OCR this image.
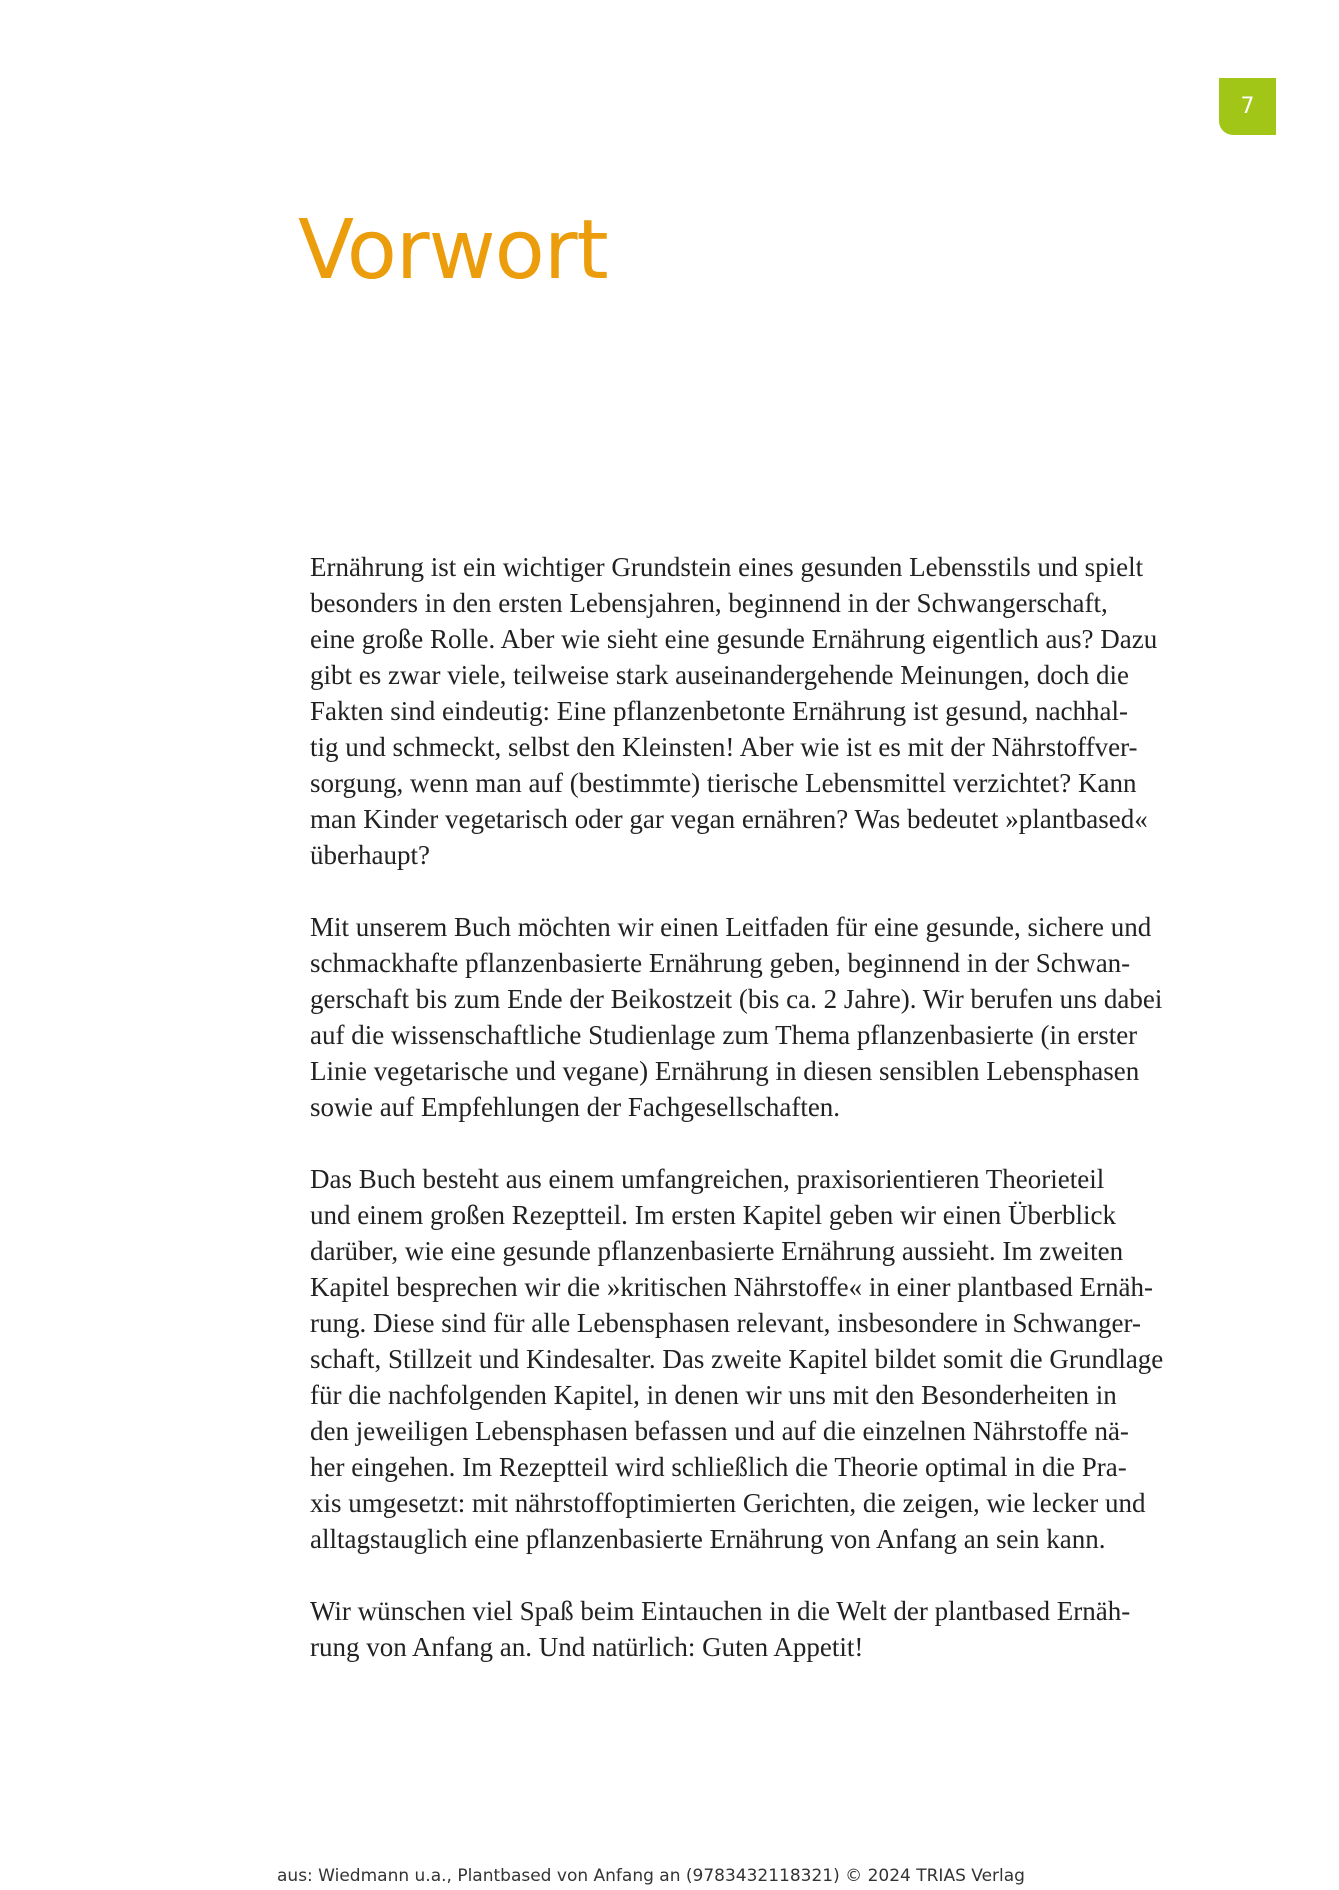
7
Vorwort

Ernährung ist ein wichtiger Grundstein eines gesunden Lebensstils und spielt
besonders in den ersten Lebensjahren, beginnend in der Schwangerschaft,
eine große Rolle. Aber wie sieht eine gesunde Ernährung eigentlich aus? Dazu
gibt es zwar viele, teilweise stark auseinandergehende Meinungen, doch die
Fakten sind eindeutig: Eine pflanzenbetonte Ernährung ist gesund, nachhal-
tig und schmeckt, selbst den Kleinsten! Aber wie ist es mit der Nährstoffver-
sorgung, wenn man auf (bestimmte) tierische Lebensmittel verzichtet? Kann
man Kinder vegetarisch oder gar vegan ernähren? Was bedeutet »plantbased«
überhaupt?

Mit unserem Buch möchten wir einen Leitfaden für eine gesunde, sichere und
schmackhafte pflanzenbasierte Ernährung geben, beginnend in der Schwan-
gerschaft bis zum Ende der Beikostzeit (bis ca. 2 Jahre). Wir berufen uns dabei
auf die wissenschaftliche Studienlage zum Thema pflanzenbasierte (in erster
Linie vegetarische und vegane) Ernährung in diesen sensiblen Lebensphasen
sowie auf Empfehlungen der Fachgesellschaften.

Das Buch besteht aus einem umfangreichen, praxisorientieren Theorieteil
und einem großen Rezeptteil. Im ersten Kapitel geben wir einen Überblick
darüber, wie eine gesunde pflanzenbasierte Ernährung aussieht. Im zweiten
Kapitel besprechen wir die »kritischen Nährstoffe« in einer plantbased Ernäh-
rung. Diese sind für alle Lebensphasen relevant, insbesondere in Schwanger-
schaft, Stillzeit und Kindesalter. Das zweite Kapitel bildet somit die Grundlage
für die nachfolgenden Kapitel, in denen wir uns mit den Besonderheiten in
den jeweiligen Lebensphasen befassen und auf die einzelnen Nährstoffe nä-
her eingehen. Im Rezeptteil wird schließlich die Theorie optimal in die Pra-
xis umgesetzt: mit nährstoffoptimierten Gerichten, die zeigen, wie lecker und
alltagstauglich eine pflanzenbasierte Ernährung von Anfang an sein kann.

Wir wünschen viel Spaß beim Eintauchen in die Welt der plantbased Ernäh-
rung von Anfang an. Und natürlich: Guten Appetit!

aus: Wiedmann u.a., Plantbased von Anfang an (9783432118321) © 2024 TRIAS Verlag
